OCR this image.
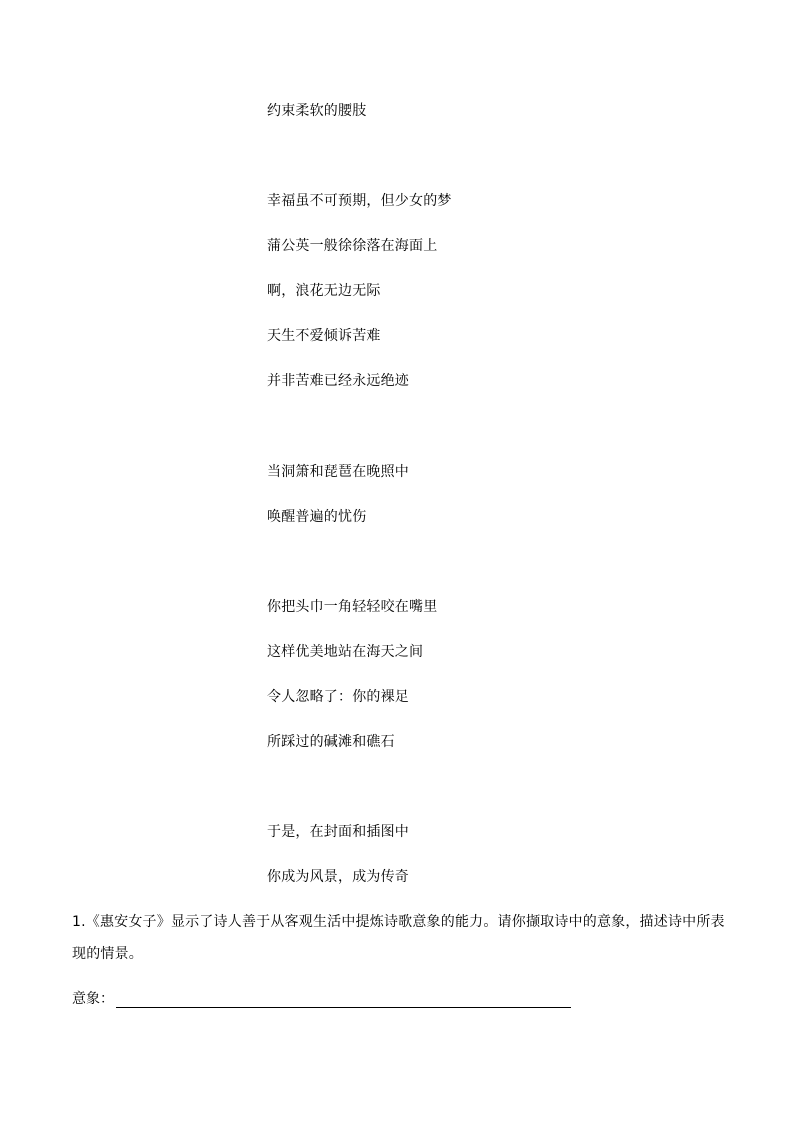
约束柔软的腰肢
幸福虽不可预期，但少女的梦
蒲公英一般徐徐落在海面上
啊，浪花无边无际
天生不爱倾诉苦难
并非苦难已经永远绝迹
当洞箫和琵琶在晚照中
唤醒普遍的忧伤
你把头巾一角轻轻咬在嘴里
这样优美地站在海天之间
令人忽略了：你的裸足
所踩过的碱滩和礁石
于是，在封面和插图中
你成为风景，成为传奇
1.《惠安女子》显示了诗人善于从客观生活中提炼诗歌意象的能力。请你撷取诗中的意象，描述诗中所表现的情景。
意象：
